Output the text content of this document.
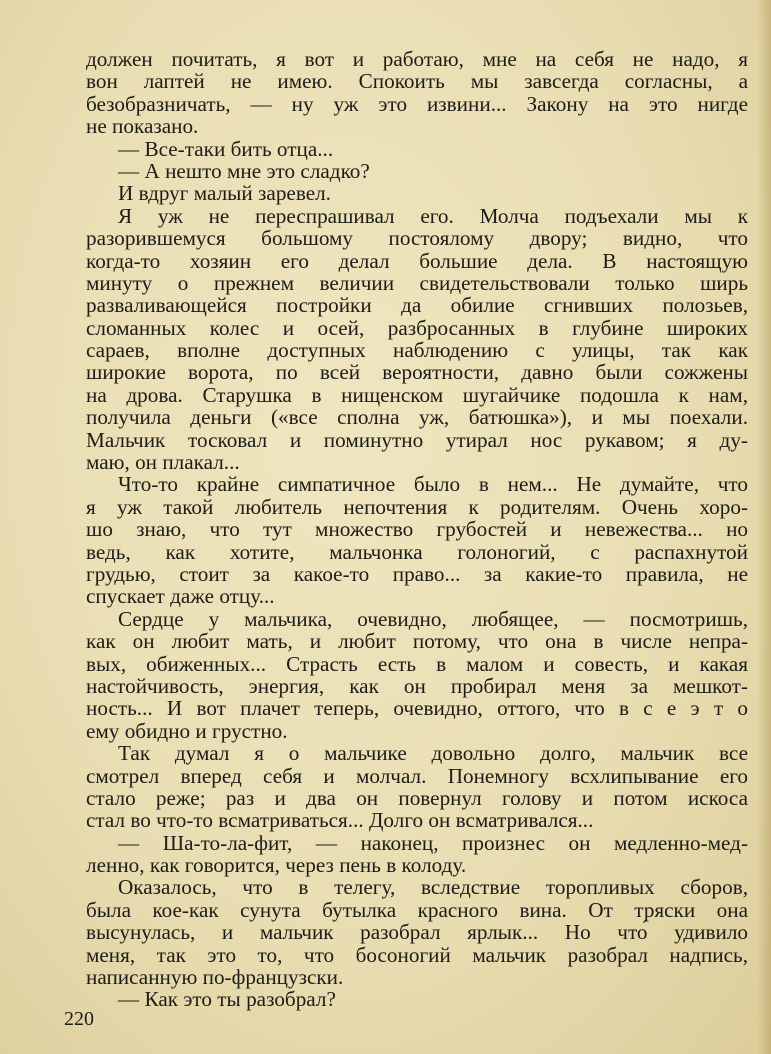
должен почитать, я вот и работаю, мне на себя не надо, я
вон лаптей не имею. Спокоить мы завсегда согласны, а
безобразничать, — ну уж это извини... Закону на это нигде
не показано.
— Все-таки бить отца...
— А нешто мне это сладко?
И вдруг малый заревел.
Я уж не переспрашивал его. Молча подъехали мы к
разорившемуся большому постоялому двору; видно, что
когда-то хозяин его делал большие дела. В настоящую
минуту о прежнем величии свидетельствовали только ширь
разваливающейся постройки да обилие сгнивших полозьев,
сломанных колес и осей, разбросанных в глубине широких
сараев, вполне доступных наблюдению с улицы, так как
широкие ворота, по всей вероятности, давно были сожжены
на дрова. Старушка в нищенском шугайчике подошла к нам,
получила деньги («все сполна уж, батюшка»), и мы поехали.
Мальчик тосковал и поминутно утирал нос рукавом; я ду-
маю, он плакал...
Что-то крайне симпатичное было в нем... Не думайте, что
я уж такой любитель непочтения к родителям. Очень хоро-
шо знаю, что тут множество грубостей и невежества... но
ведь, как хотите, мальчонка голоногий, с распахнутой
грудью, стоит за какое-то право... за какие-то правила, не
спускает даже отцу...
Сердце у мальчика, очевидно, любящее, — посмотришь,
как он любит мать, и любит потому, что она в числе непра-
вых, обиженных... Страсть есть в малом и совесть, и какая
настойчивость, энергия, как он пробирал меня за мешкот-
ность... И вот плачет теперь, очевидно, оттого, что в с е э т о
ему обидно и грустно.
Так думал я о мальчике довольно долго, мальчик все
смотрел вперед себя и молчал. Понемногу всхлипывание его
стало реже; раз и два он повернул голову и потом искоса
стал во что-то всматриваться... Долго он всматривался...
— Ша-то-ла-фит, — наконец, произнес он медленно-мед-
ленно, как говорится, через пень в колоду.
Оказалось, что в телегу, вследствие торопливых сборов,
была кое-как сунута бутылка красного вина. От тряски она
высунулась, и мальчик разобрал ярлык... Но что́ удивило
меня, так это то, что босоногий мальчик разобрал надпись,
написанную по-французски.
— Как это ты разобрал?
220
